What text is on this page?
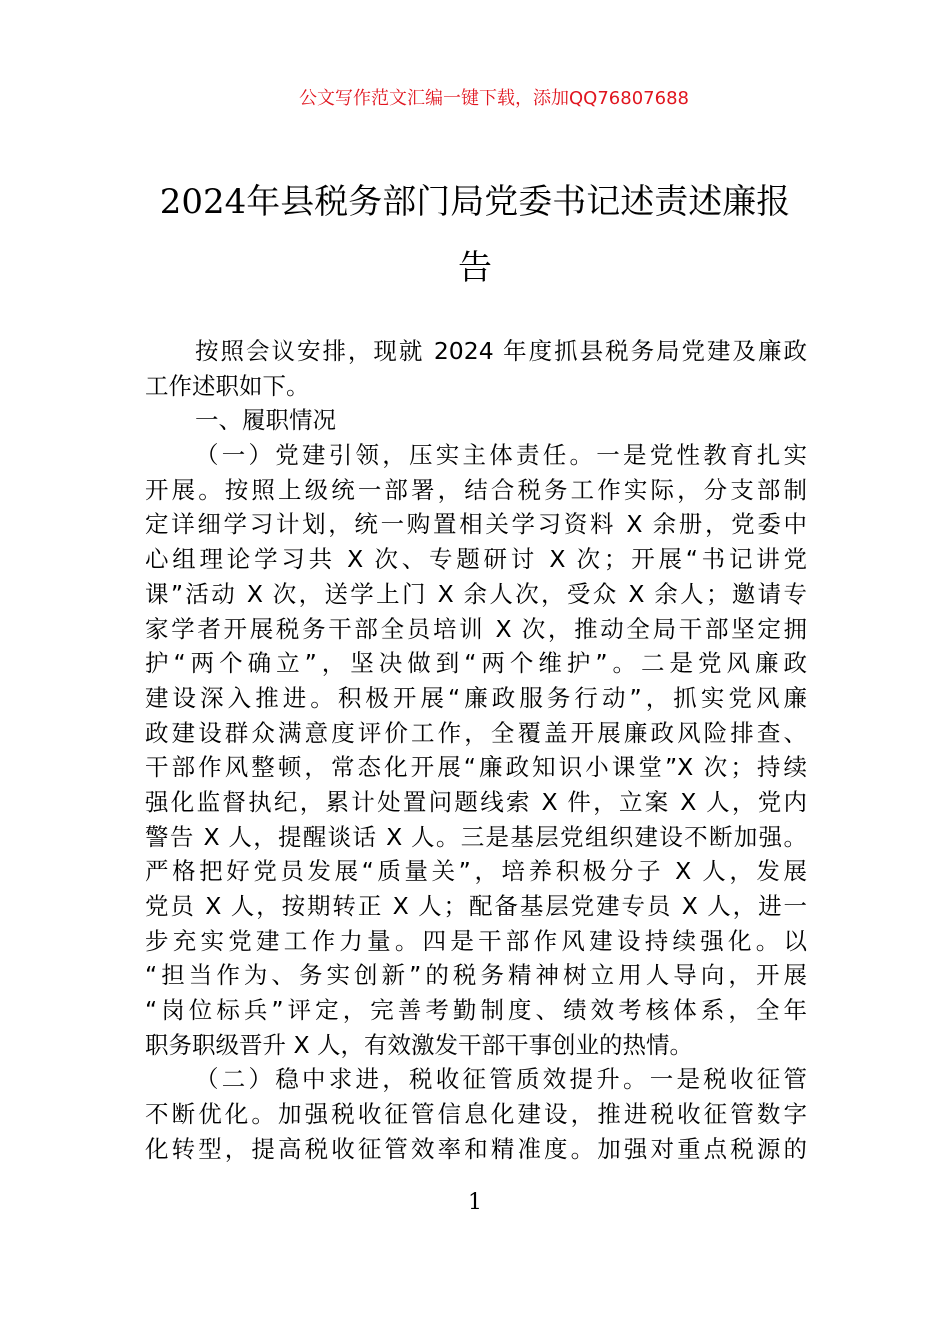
公文写作范文汇编一键下载，添加QQ76807688
2024年县税务部门局党委书记述责述廉报
告
按照会议安排，现就 2024 年度抓县税务局党建及廉政
工作述职如下。
一、履职情况
（一）党建引领，压实主体责任。一是党性教育扎实
开展。按照上级统一部署，结合税务工作实际，分支部制
定详细学习计划，统一购置相关学习资料 X 余册，党委中
心组理论学习共 X 次、专题研讨 X 次；开展“书记讲党
课”活动 X 次，送学上门 X 余人次，受众 X 余人；邀请专
家学者开展税务干部全员培训 X 次，推动全局干部坚定拥
护“两个确立”，坚决做到“两个维护”。二是党风廉政
建设深入推进。积极开展“廉政服务行动”，抓实党风廉
政建设群众满意度评价工作，全覆盖开展廉政风险排查、
干部作风整顿，常态化开展“廉政知识小课堂”X 次；持续
强化监督执纪，累计处置问题线索 X 件，立案 X 人，党内
警告 X 人，提醒谈话 X 人。三是基层党组织建设不断加强。
严格把好党员发展“质量关”，培养积极分子 X 人，发展
党员 X 人，按期转正 X 人；配备基层党建专员 X 人，进一
步充实党建工作力量。四是干部作风建设持续强化。以
“担当作为、务实创新”的税务精神树立用人导向，开展
“岗位标兵”评定，完善考勤制度、绩效考核体系，全年
职务职级晋升 X 人，有效激发干部干事创业的热情。
（二）稳中求进，税收征管质效提升。一是税收征管
不断优化。加强税收征管信息化建设，推进税收征管数字
化转型，提高税收征管效率和精准度。加强对重点税源的
1
